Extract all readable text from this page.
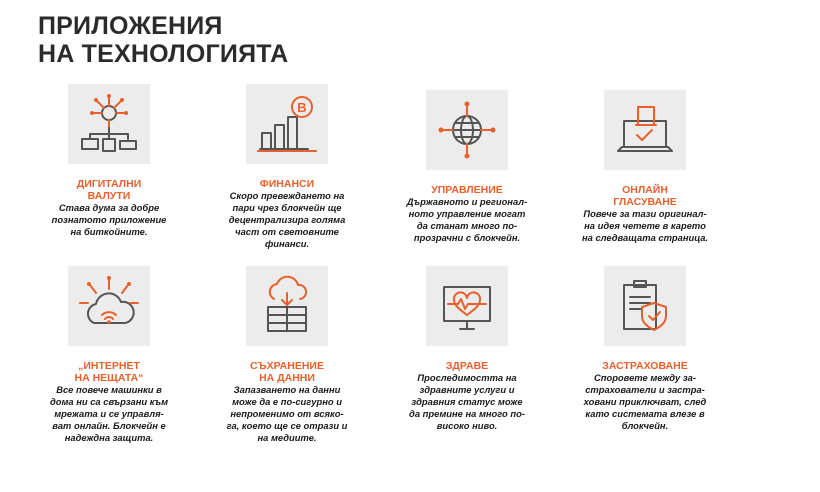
ПРИЛОЖЕНИЯ
НА ТЕХНОЛОГИЯТА
ДИГИТАЛНИ
ВАЛУТИ
Става дума за добре
познатото приложение
на биткойните.
B
ФИНАНСИ
Скоро превеждането на
пари чрез блокчейн ще
децентрализира голяма
част от световните
финанси.
УПРАВЛЕНИЕ
Държавното и регионал-
ното управление могат
да станат много по-
прозрачни с блокчейн.
ОНЛАЙН
ГЛАСУВАНЕ
Повече за тази оригинал-
на идея четете в карето
на следващата страница.
„ИНТЕРНЕТ
НА НЕЩАТА“
Все повече машинки в
дома ни са свързани към
мрежата и се управля-
ват онлайн. Блокчейн е
надеждна защита.
СЪХРАНЕНИЕ
НА ДАННИ
Запазването на данни
може да е по-сигурно и
непроменимо от всяко-
га, което ще се отрази и
на медиите.
ЗДРАВЕ
Проследимостта на
здравните услуги и
здравния статус може
да премине на много по-
високо ниво.
ЗАСТРАХОВАНЕ
Споровете между за-
страхователи и застра-
ховани приключват, след
като системата влезе в
блокчейн.
